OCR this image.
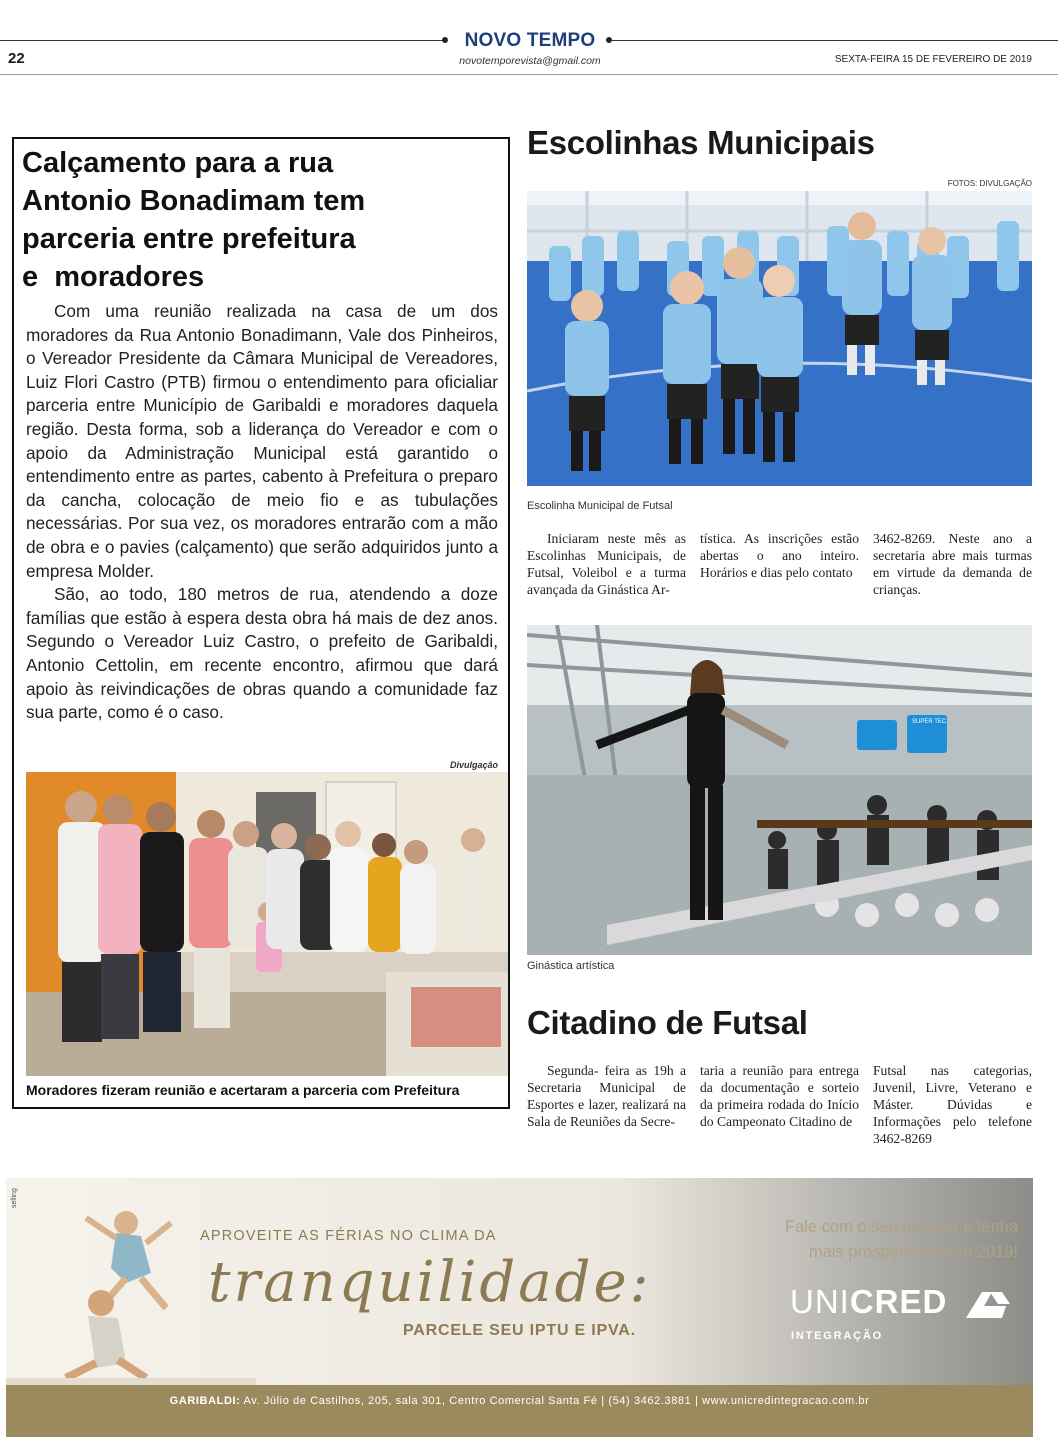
NOVO TEMPO
novotemporevista@gmail.com
22	SEXTA-FEIRA 15 DE FEVEREIRO DE 2019
Calçamento para a rua
Antonio Bonadimam tem
parceria entre prefeitura
e  moradores

Com uma reunião realizada na casa de um dos moradores da Rua Antonio Bonadimann, Vale dos Pinheiros, o Vereador Presidente da Câmara Municipal de Vereadores, Luiz Flori Castro (PTB) firmou o entendimento para oficialiar parceria entre Município de Garibaldi e moradores daquela região. Desta forma, sob a liderança do Vereador e com o apoio da Administração Municipal está garantido o entendimento entre as partes, cabento à Prefeitura o preparo da cancha, colocação de meio fio e as tubulações necessárias. Por sua vez, os moradores entrarão com a mão de obra e o pavies (calçamento) que serão adquiridos junto a empresa Molder.

São, ao todo, 180 metros de rua, atendendo a doze famílias que estão à espera desta obra há mais de dez anos. Segundo o Vereador Luiz Castro, o prefeito de Garibaldi, Antonio Cettolin, em recente encontro, afirmou que dará apoio às reivindicações de obras quando a comunidade faz sua parte, como é o caso.

Divulgação
Moradores fizeram reunião e acertaram a parceria com Prefeitura
Escolinhas Municipais
FOTOS: DIVULGAÇÃO
Escolinha Municipal de Futsal
Iniciaram neste mês as Escolinhas Municipais, de Futsal, Voleibol e a turma avançada da Ginástica Ar-
tística. As inscrições estão abertas o ano inteiro. Horários e dias pelo contato
3462-8269. Neste ano a secretaria abre mais turmas em virtude da demanda de crianças.
SUPER TEC
Ginástica artística
Citadino de Futsal
Segunda- feira as 19h a Secretaria Municipal de Esportes e lazer, realizará na Sala de Reuniões da Secre-
taria a reunião para entrega da documentação e sorteio da primeira rodada do Início do Campeonato Citadino de
Futsal nas categorias, Juvenil, Livre, Veterano e Máster. Dúvidas e Informações pelo telefone 3462-8269
selling
APROVEITE AS FÉRIAS NO CLIMA DA
tranquilidade:
PARCELE SEU IPTU E IPVA.
Fale com o seu gerente e tenha
mais prosperidade em 2019!
UNICRED
INTEGRAÇÃO
GARIBALDI: Av. Júlio de Castilhos, 205, sala 301, Centro Comercial Santa Fé | (54) 3462.3881 | www.unicredintegracao.com.br
